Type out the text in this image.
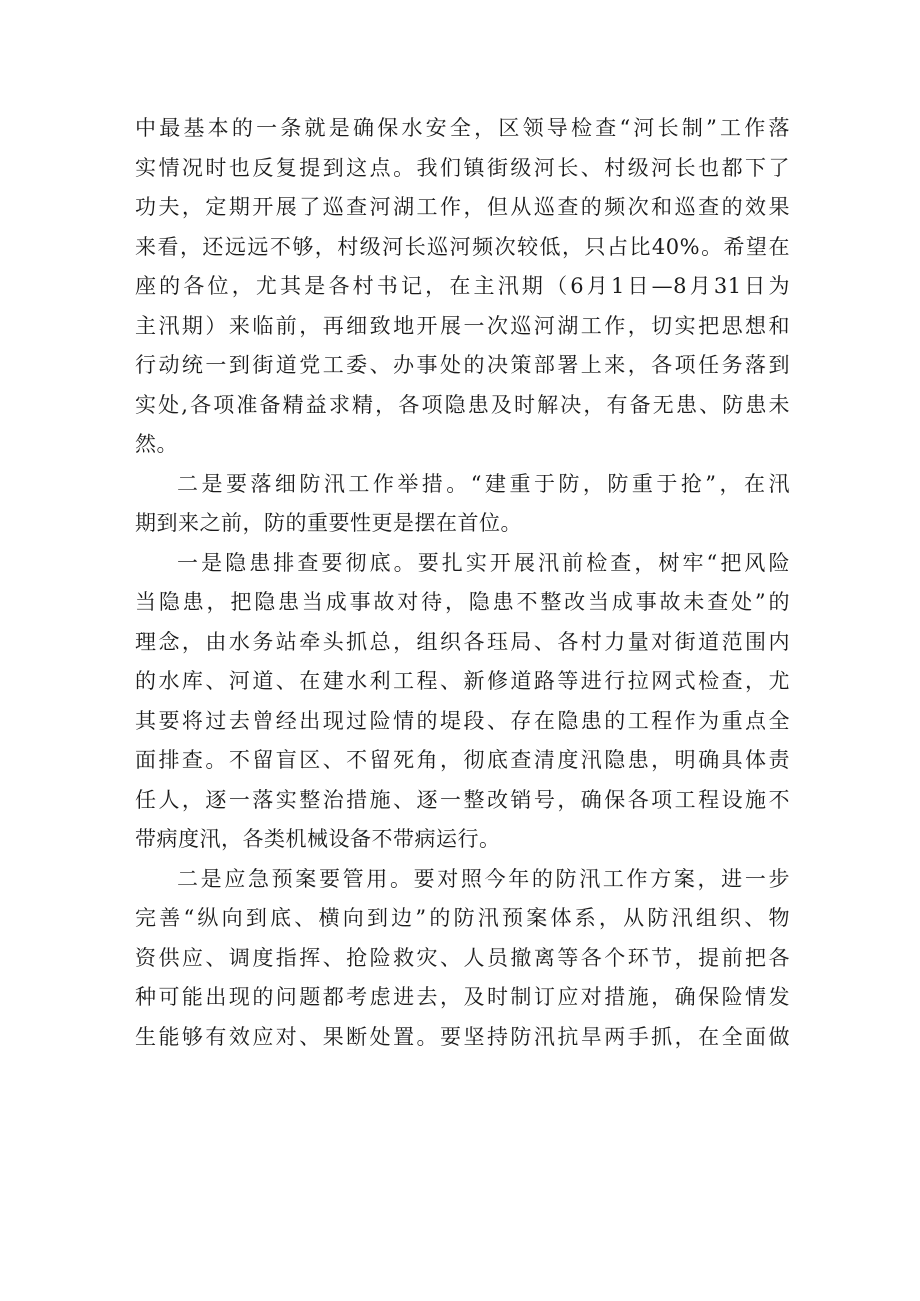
中最基本的一条就是确保水安全，区领导检查“河长制”工作落
实情况时也反复提到这点。我们镇街级河长、村级河长也都下了
功夫，定期开展了巡查河湖工作，但从巡查的频次和巡查的效果
来看，还远远不够，村级河长巡河频次较低，只占比40%。希望在
座的各位，尤其是各村书记，在主汛期（6月1日—8月31日为
主汛期）来临前，再细致地开展一次巡河湖工作，切实把思想和
行动统一到街道党工委、办事处的决策部署上来，各项任务落到
实处,各项准备精益求精，各项隐患及时解决，有备无患、防患未
然。
二是要落细防汛工作举措。“建重于防，防重于抢”，在汛
期到来之前，防的重要性更是摆在首位。
一是隐患排查要彻底。要扎实开展汛前检查，树牢“把风险
当隐患，把隐患当成事故对待，隐患不整改当成事故未查处”的
理念，由水务站牵头抓总，组织各珏局、各村力量对街道范围内
的水库、河道、在建水利工程、新修道路等进行拉网式检查，尤
其要将过去曾经出现过险情的堤段、存在隐患的工程作为重点全
面排查。不留盲区、不留死角，彻底查清度汛隐患，明确具体责
任人，逐一落实整治措施、逐一整改销号，确保各项工程设施不
带病度汛，各类机械设备不带病运行。
二是应急预案要管用。要对照今年的防汛工作方案，进一步
完善“纵向到底、横向到边”的防汛预案体系，从防汛组织、物
资供应、调度指挥、抢险救灾、人员撤离等各个环节，提前把各
种可能出现的问题都考虑进去，及时制订应对措施，确保险情发
生能够有效应对、果断处置。要坚持防汛抗旱两手抓，在全面做
